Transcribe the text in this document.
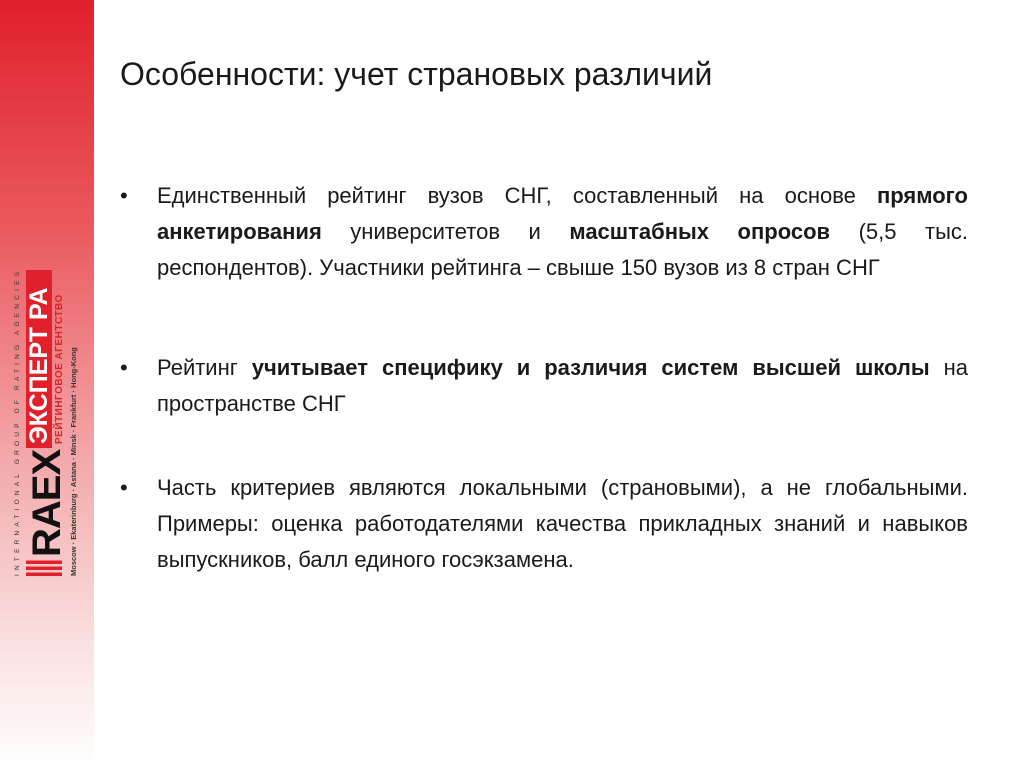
INTERNATIONAL GROUP OF RATING AGENCIES RAEX
ЭКСПЕРТ РА РЕЙТИНГОВОЕ АГЕНТСТВО Moscow · Ekaterinburg · Astana · Minsk · Frankfurt · Hong-Kong
Особенности: учет страновых различий
•	Единственный рейтинг вузов СНГ, составленный на основе прямого анкетирования университетов и масштабных опросов (5,5 тыс. респондентов). Участники рейтинга – свыше 150 вузов из 8 стран СНГ
•	Рейтинг учитывает специфику и различия систем высшей школы на пространстве СНГ
•	Часть критериев являются локальными (страновыми), а не глобальными. Примеры: оценка работодателями качества прикладных знаний и навыков выпускников, балл единого госэкзамена.
